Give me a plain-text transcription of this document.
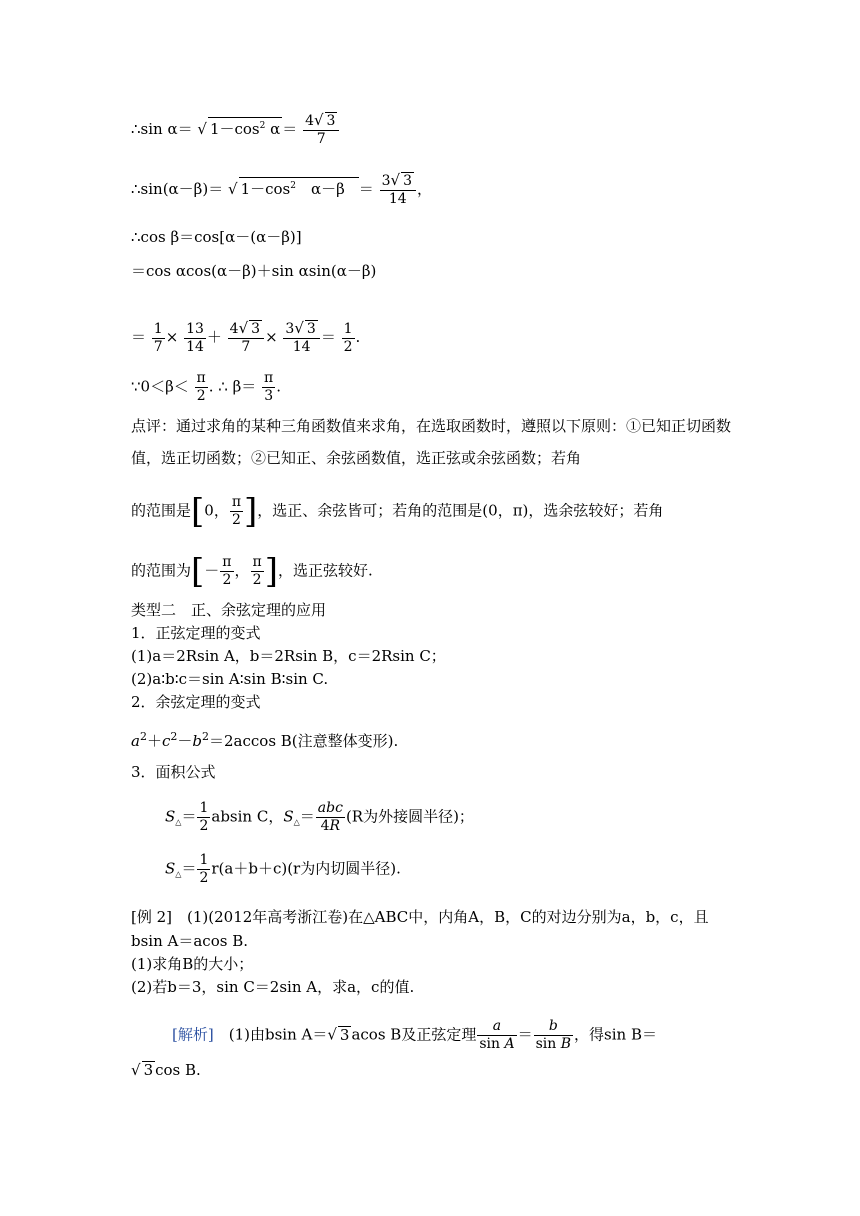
∴sin α＝ √ $1-\cos^2$ $\alpha = \frac{4√ 3}{7}$
∴sin(α－β)＝ √ $1-\cos^2$　$\alpha-\beta = \frac{3√ 3}{14}$ ，
∴cos β＝cos[α－(α－β)]
＝cos αcos(α－β)＋sin αsin(α－β)
＝ $\frac{1}{7} \times \frac{13}{14} + \frac{4√ 3}{7} \times \frac{3√ 3}{14} = \frac{1}{2}$ .
∵0＜β＜ $\frac{\pi}{2}$ . ∴ $\beta= \frac{\pi}{3}$ .
点评：通过求角的某种三角函数值来求角，在选取函数时，遵照以下原则：①已知正切函数值，选正切函数；②已知正、余弦函数值，选正弦或余弦函数；若角
的范围是[0， $\frac{\pi}{2}$ ]，选正、余弦皆可；若角的范围是(0，π)，选余弦较好；若角
的范围为[－ $\frac{\pi}{2}$ ， $\frac{\pi}{2}$ ]，选正弦较好.
类型二　正、余弦定理的应用
1．正弦定理的变式
(1)a＝2Rsin A，b＝2Rsin B，c＝2Rsin C；
(2)a∶b∶c＝sin A∶sin B∶sin C.
2．余弦定理的变式
$a^2+c^2-b^2=2accos$ B(注意整体变形).
3．面积公式
$S_\triangle= \frac{1}{2}$ absin C，$S_\triangle= \frac{\text{abc}}{4R} (R$为外接圆半径)；
$S_\triangle= \frac{1}{2} r(a+b+c)(r$为内切圆半径).
[例 2]　(1)(2012年高考浙江卷)在△ABC中，内角A，B，C的对边分别为a，b，c，且bsin A＝acos B.
(1)求角B的大小；
(2)若b＝3，sin C＝2sin A，求a，c的值.
[解析]　 (1)由bsin A＝√ 3 acos B及正弦定理 $\frac{a}{\text{sin A}} = \frac{b}{\text{sin B}}$ ，得sin B＝
√ 3 cos B.
